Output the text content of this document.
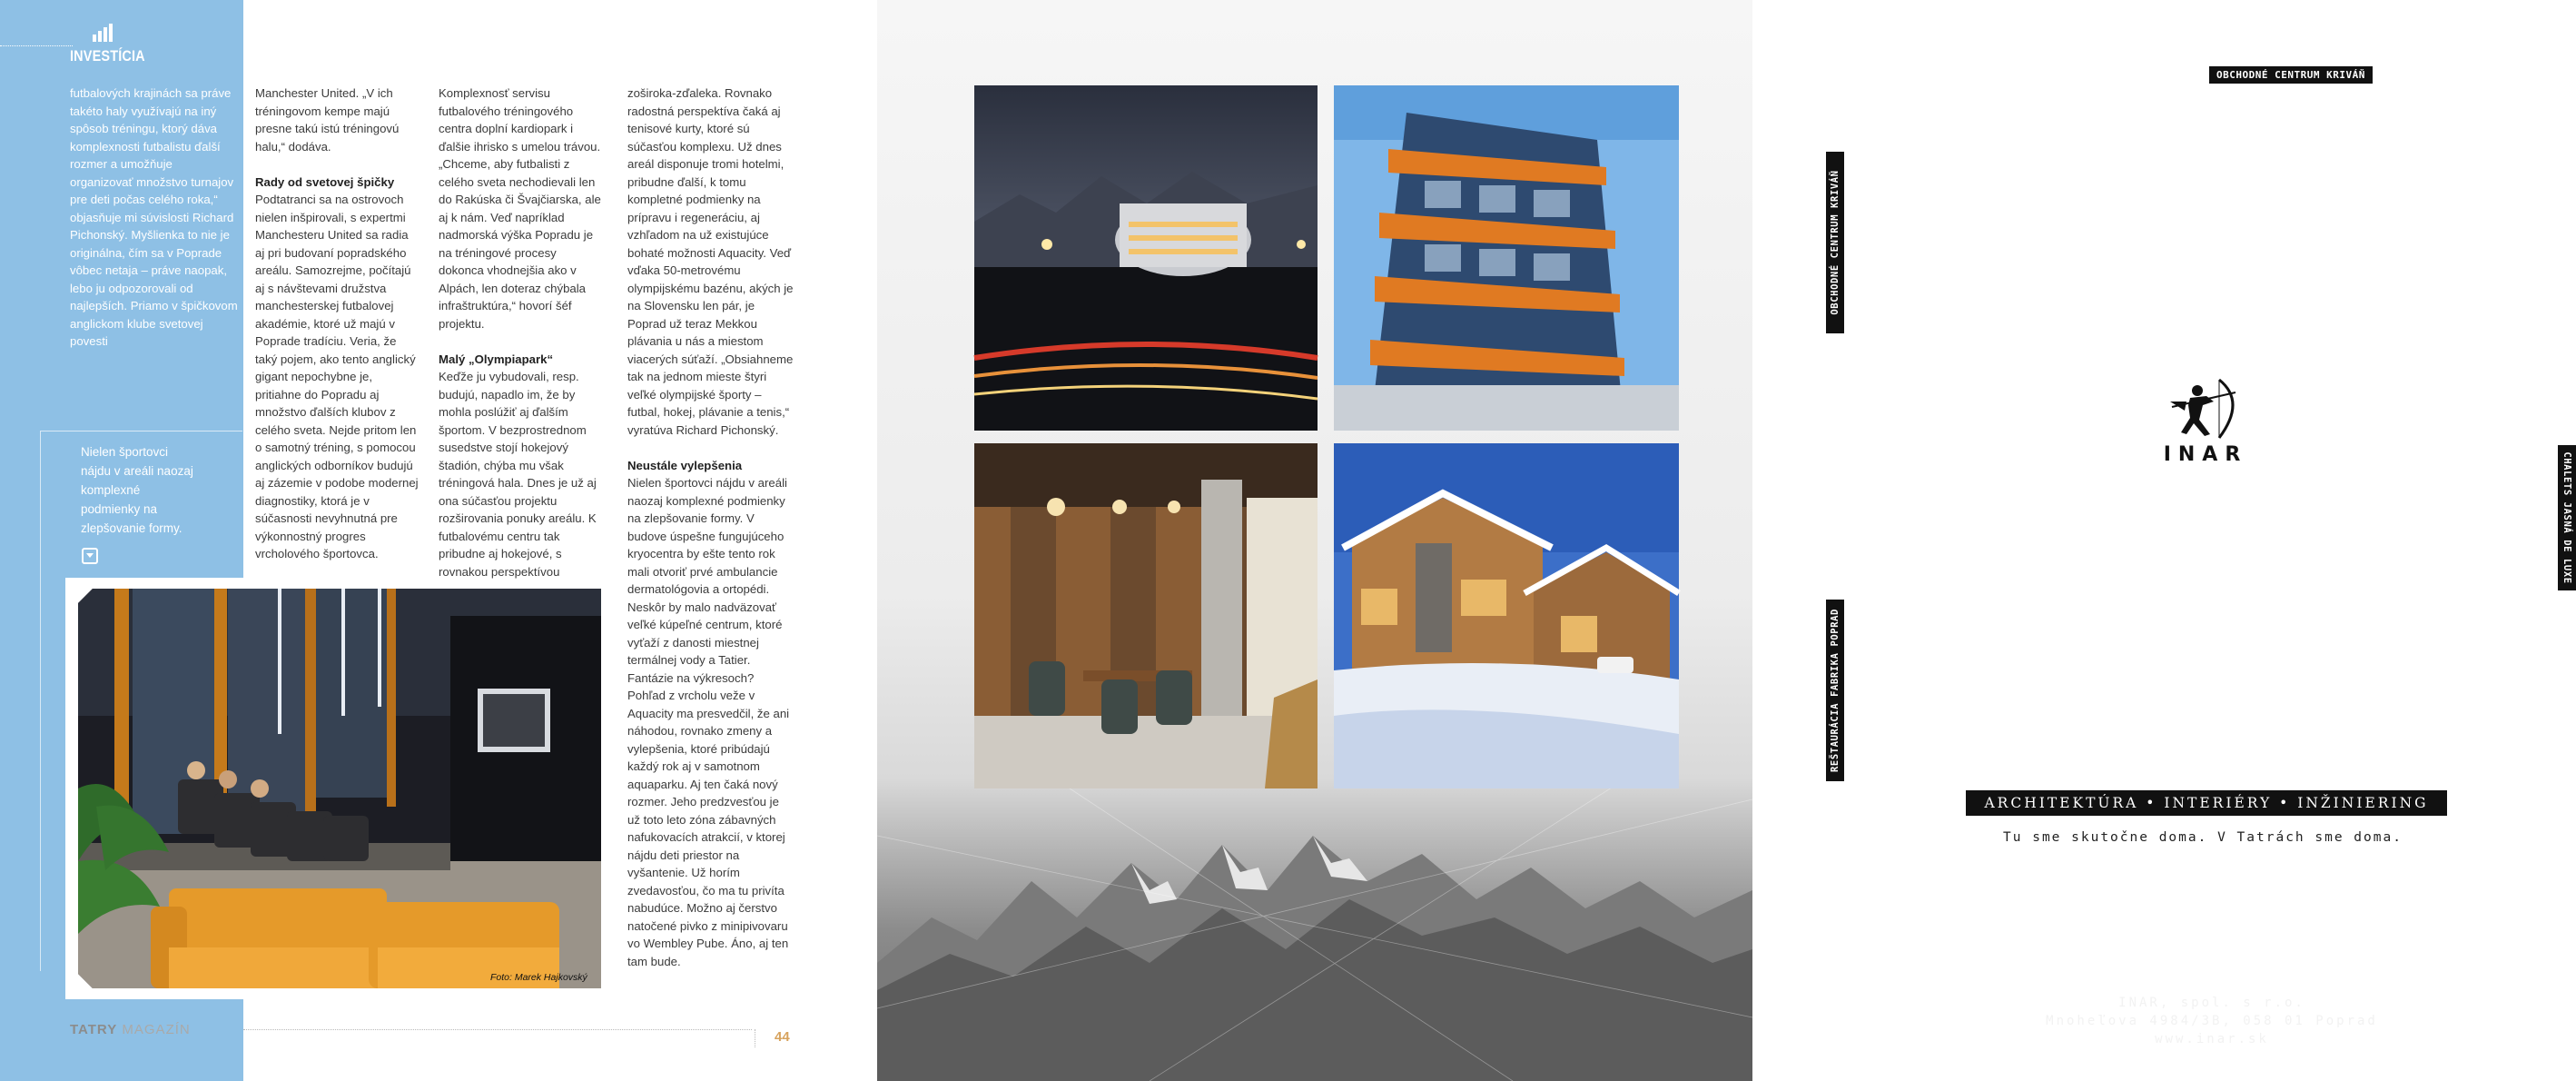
INVESTÍCIA

futbalových krajinách sa práve takéto haly využívajú na iný spôsob tréningu, ktorý dáva komplexnosti futbalistu ďalší rozmer a umožňuje organizovať množstvo turnajov pre deti počas celého roka,“ objasňuje mi súvislosti Richard Pichonský. Myšlienka to nie je originálna, čím sa v Poprade vôbec netaja – práve naopak, lebo ju odpozorovali od najlepších. Priamo v špičkovom anglickom klube svetovej povesti

Manchester United. „V ich tréningovom kempe majú presne takú istú tréningovú halu,“ dodáva.

Rady od svetovej špičky

Podtatranci sa na ostrovoch nielen inšpirovali, s expertmi Manchesteru United sa radia aj pri budovaní popradského areálu. Samozrejme, počítajú aj s návštevami družstva manchesterskej futbalovej akadémie, ktoré už majú v Poprade tradíciu. Veria, že taký pojem, ako tento anglický gigant nepochybne je, pritiahne do Popradu aj množstvo ďalších klubov z celého sveta. Nejde pritom len o samotný tréning, s pomocou anglických odborníkov budujú aj zázemie v podobe modernej diagnostiky, ktorá je v súčasnosti nevyhnutná pre výkonnostný progres vrcholového športovca.

Komplexnosť servisu futbalového tréningového centra doplní kardiopark i ďalšie ihrisko s umelou trávou. „Chceme, aby futbalisti z celého sveta nechodievali len do Rakúska či Švajčiarska, ale aj k nám. Veď napríklad nadmorská výška Popradu je na tréningové procesy dokonca vhodnejšia ako v Alpách, len doteraz chýbala infraštruktúra,“ hovorí šéf projektu.

Malý „Olympiapark“

Keďže ju vybudovali, resp. budujú, napadlo im, že by mohla poslúžiť aj ďalším športom. V bezprostrednom susedstve stojí hokejový štadión, chýba mu však tréningová hala. Dnes je už aj ona súčasťou projektu rozširovania ponuky areálu. K futbalovému centru tak pribudne aj hokejové, s rovnakou perspektívou

zoširoka-zďaleka. Rovnako radostná perspektíva čaká aj tenisové kurty, ktoré sú súčasťou komplexu. Už dnes areál disponuje tromi hotelmi, pribudne ďalší, k tomu kompletné podmienky na prípravu i regeneráciu, aj vzhľadom na už existujúce bohaté možnosti Aquacity. Veď vďaka 50-metrovému olympijskému bazénu, akých je na Slovensku len pár, je Poprad už teraz Mekkou plávania u nás a miestom viacerých súťaží. „Obsiahneme tak na jednom mieste štyri veľké olympijské športy – futbal, hokej, plávanie a tenis,“ vyratúva Richard Pichonský.

Neustále vylepšenia

Nielen športovci nájdu v areáli naozaj komplexné podmienky na zlepšovanie formy. V budove úspešne fungujúceho kryocentra by ešte tento rok mali otvoriť prvé ambulancie dermatológovia a ortopédi. Neskôr by malo nadväzovať veľké kúpeľné centrum, ktoré vyťaží z danosti miestnej termálnej vody a Tatier. Fantázie na výkresoch? Pohľad z vrcholu veže v Aquacity ma presvedčil, že ani náhodou, rovnako zmeny a vylepšenia, ktoré pribúdajú každý rok aj v samotnom aquaparku. Aj ten čaká nový rozmer. Jeho predzvesťou je už toto leto zóna zábavných nafukovacích atrakcií, v ktorej nájdu deti priestor na vyšantenie. Už horím zvedavosťou, čo ma tu privíta nabudúce. Možno aj čerstvo natočené pivko z minipivovaru vo Wembley Pube. Áno, aj ten tam bude.

Nielen športovci nájdu v areáli naozaj komplexné podmienky na zlepšovanie formy.
Foto: Marek Hajkovský
TATRY MAGAZÍN	44
INAR
OBCHODNÉ CENTRUM KRIVÁŇ
OBCHODNÉ CENTRUM KRIVÁŇ
REŠTAURÁCIA FABRIKA POPRAD
CHALETS JASNÁ DE LUXE
ARCHITEKTÚRA • INTERIÉRY • INŽINIERING
Tu sme skutočne doma. V Tatrách sme doma.
INAR, spol. s r.o.
Mnoheľova 4984/3B, 058 01 Poprad
www.inar.sk
